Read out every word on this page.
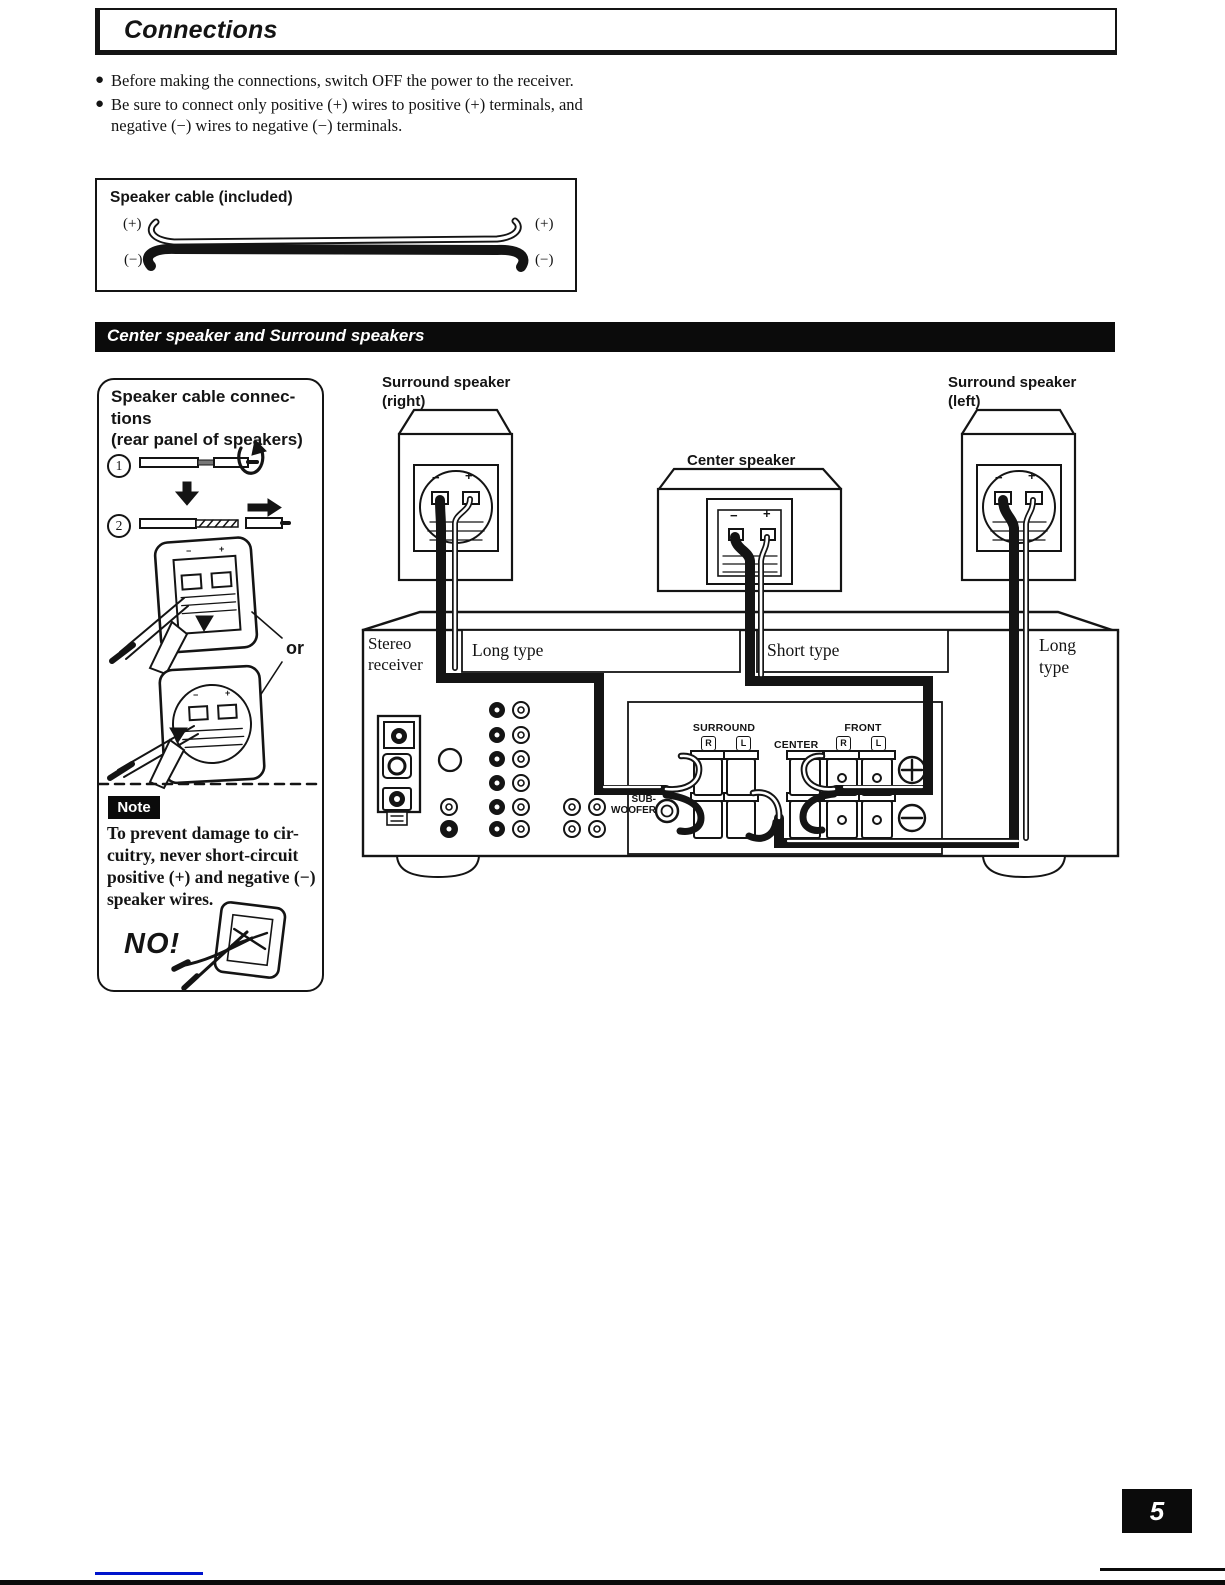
Connections
● Before making the connections, switch OFF the power to the receiver.
● Be sure to connect only positive (+) wires to positive (+) terminals, and negative (−) wires to negative (−) terminals.
Speaker cable (included)
(+)
(−)
(+)
(−)
Center speaker and Surround speakers
Speaker cable connec-
tions
(rear panel of speakers)
1
2
−	+
−	+
or
Note
To prevent damage to cir-
cuitry, never short-circuit
positive (+) and negative (−)
speaker wires.
NO!
Surround speaker
(right)
Center speaker
Surround speaker
(left)
− +
− +
− +
Stereo
receiver
Long type	Short type	Long
type
SURROUND
CENTER
FRONT
R	L	R	L
SUB-
WOOFER
5
